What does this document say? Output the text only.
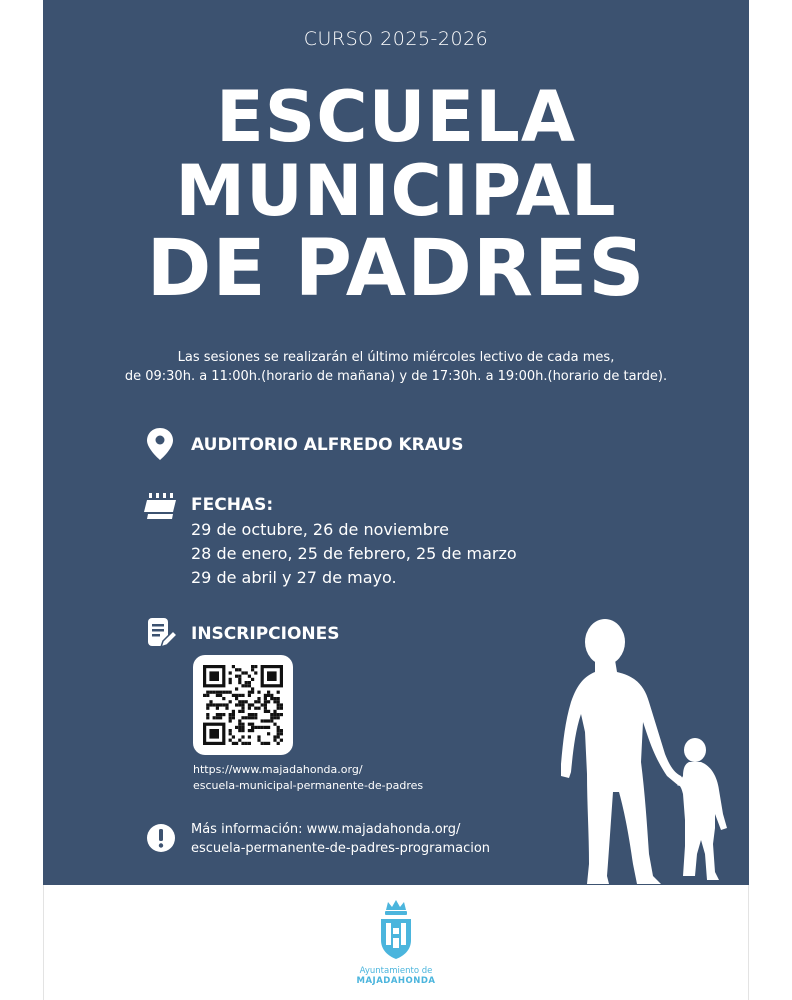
CURSO 2025-2026
ESCUELA
MUNICIPAL
DE PADRES
Las sesiones se realizarán el último miércoles lectivo de cada mes,
de 09:30h. a 11:00h.(horario de mañana) y de 17:30h. a 19:00h.(horario de tarde).
AUDITORIO ALFREDO KRAUS
FECHAS:
29 de octubre, 26 de noviembre
28 de enero, 25 de febrero, 25 de marzo
29 de abril y 27 de mayo.
INSCRIPCIONES
https://www.majadahonda.org/
escuela-municipal-permanente-de-padres
Más información: www.majadahonda.org/
escuela-permanente-de-padres-programacion
Ayuntamiento de
MAJADAHONDA
